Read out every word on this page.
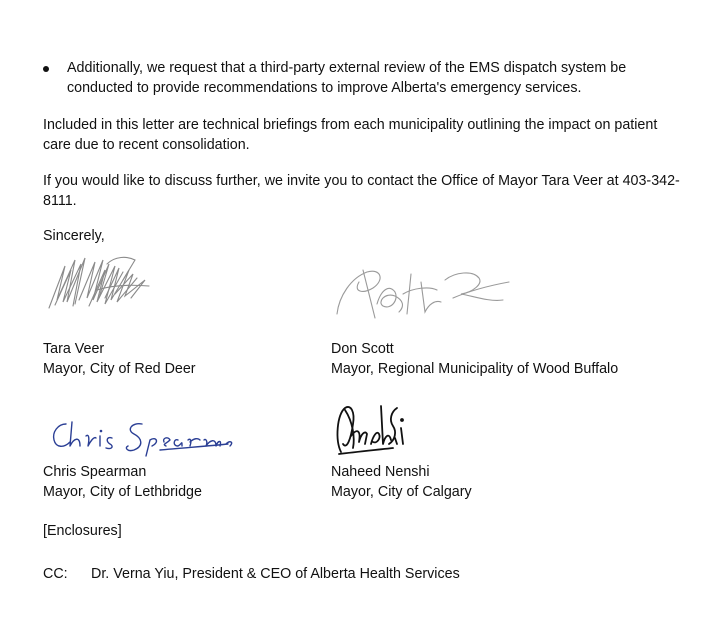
Additionally, we request that a third-party external review of the EMS dispatch system be conducted to provide recommendations to improve Alberta's emergency services.
Included in this letter are technical briefings from each municipality outlining the impact on patient care due to recent consolidation.
If you would like to discuss further, we invite you to contact the Office of Mayor Tara Veer at 403-342-8111.
Sincerely,
Tara Veer
Mayor, City of Red Deer
Don Scott
Mayor, Regional Municipality of Wood Buffalo
Chris Spearman
Mayor, City of Lethbridge
Naheed Nenshi
Mayor, City of Calgary
[Enclosures]
CC: Dr. Verna Yiu, President & CEO of Alberta Health Services
